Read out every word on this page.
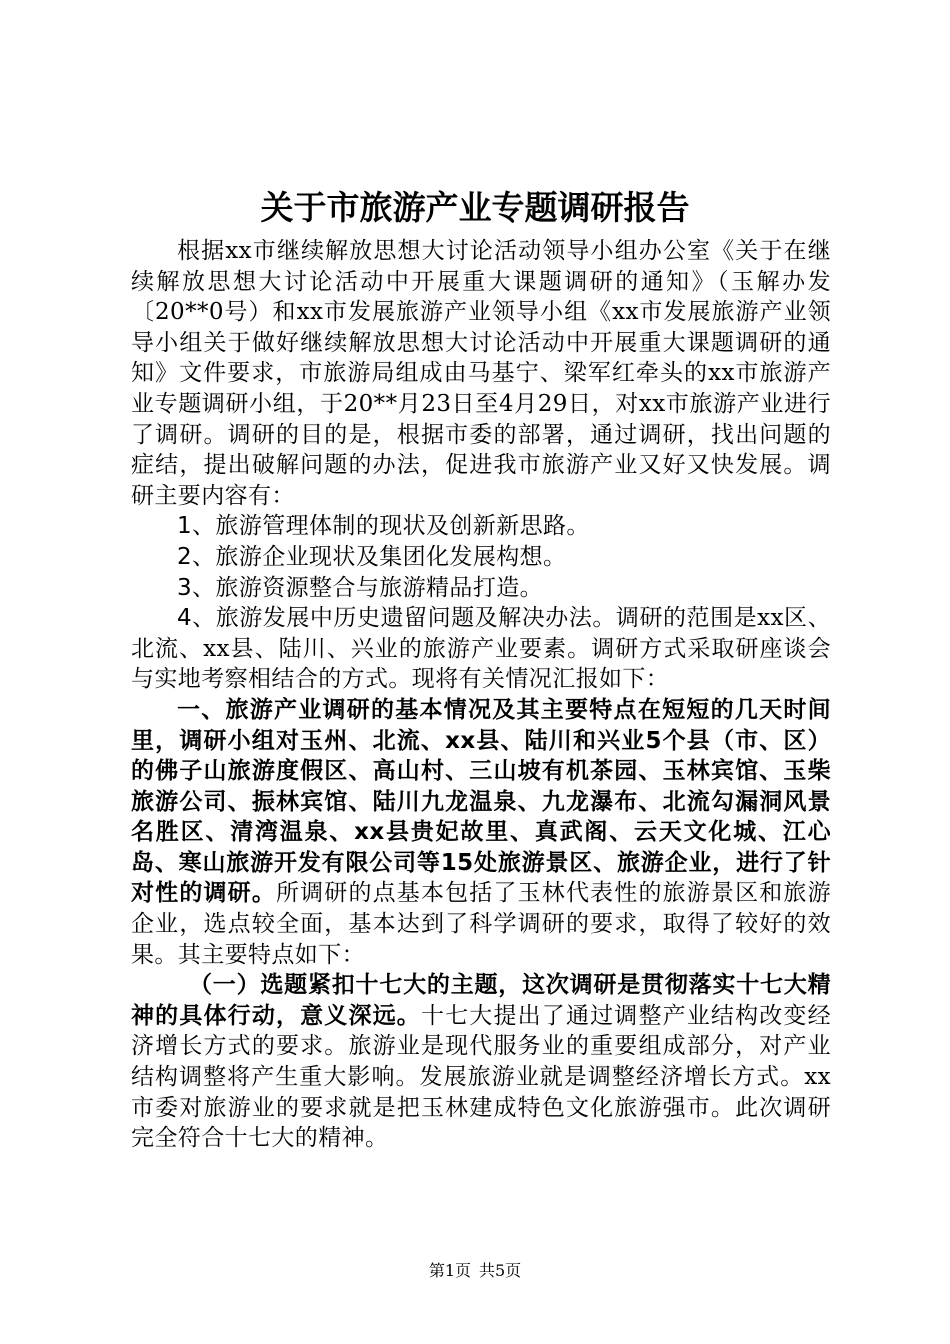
关于市旅游产业专题调研报告

根据xx市继续解放思想大讨论活动领导小组办公室《关于在继续解放思想大讨论活动中开展重大课题调研的通知》（玉解办发〔20**0号）和xx市发展旅游产业领导小组《xx市发展旅游产业领导小组关于做好继续解放思想大讨论活动中开展重大课题调研的通知》文件要求，市旅游局组成由马基宁、梁军红牵头的xx市旅游产业专题调研小组，于20**月23日至4月29日，对xx市旅游产业进行了调研。调研的目的是，根据市委的部署，通过调研，找出问题的症结，提出破解问题的办法，促进我市旅游产业又好又快发展。调研主要内容有：

1、旅游管理体制的现状及创新新思路。

2、旅游企业现状及集团化发展构想。

3、旅游资源整合与旅游精品打造。

4、旅游发展中历史遗留问题及解决办法。调研的范围是xx区、北流、xx县、陆川、兴业的旅游产业要素。调研方式采取研座谈会与实地考察相结合的方式。现将有关情况汇报如下：

一、旅游产业调研的基本情况及其主要特点在短短的几天时间里，调研小组对玉州、北流、xx县、陆川和兴业5个县（市、区）的佛子山旅游度假区、高山村、三山坡有机茶园、玉林宾馆、玉柴旅游公司、振林宾馆、陆川九龙温泉、九龙瀑布、北流勾漏洞风景名胜区、清湾温泉、xx县贵妃故里、真武阁、云天文化城、江心岛、寒山旅游开发有限公司等15处旅游景区、旅游企业，进行了针对性的调研。所调研的点基本包括了玉林代表性的旅游景区和旅游企业，选点较全面，基本达到了科学调研的要求，取得了较好的效果。其主要特点如下：

（一）选题紧扣十七大的主题，这次调研是贯彻落实十七大精神的具体行动，意义深远。十七大提出了通过调整产业结构改变经济增长方式的要求。旅游业是现代服务业的重要组成部分，对产业结构调整将产生重大影响。发展旅游业就是调整经济增长方式。xx市委对旅游业的要求就是把玉林建成特色文化旅游强市。此次调研完全符合十七大的精神。

第1页 共5页
